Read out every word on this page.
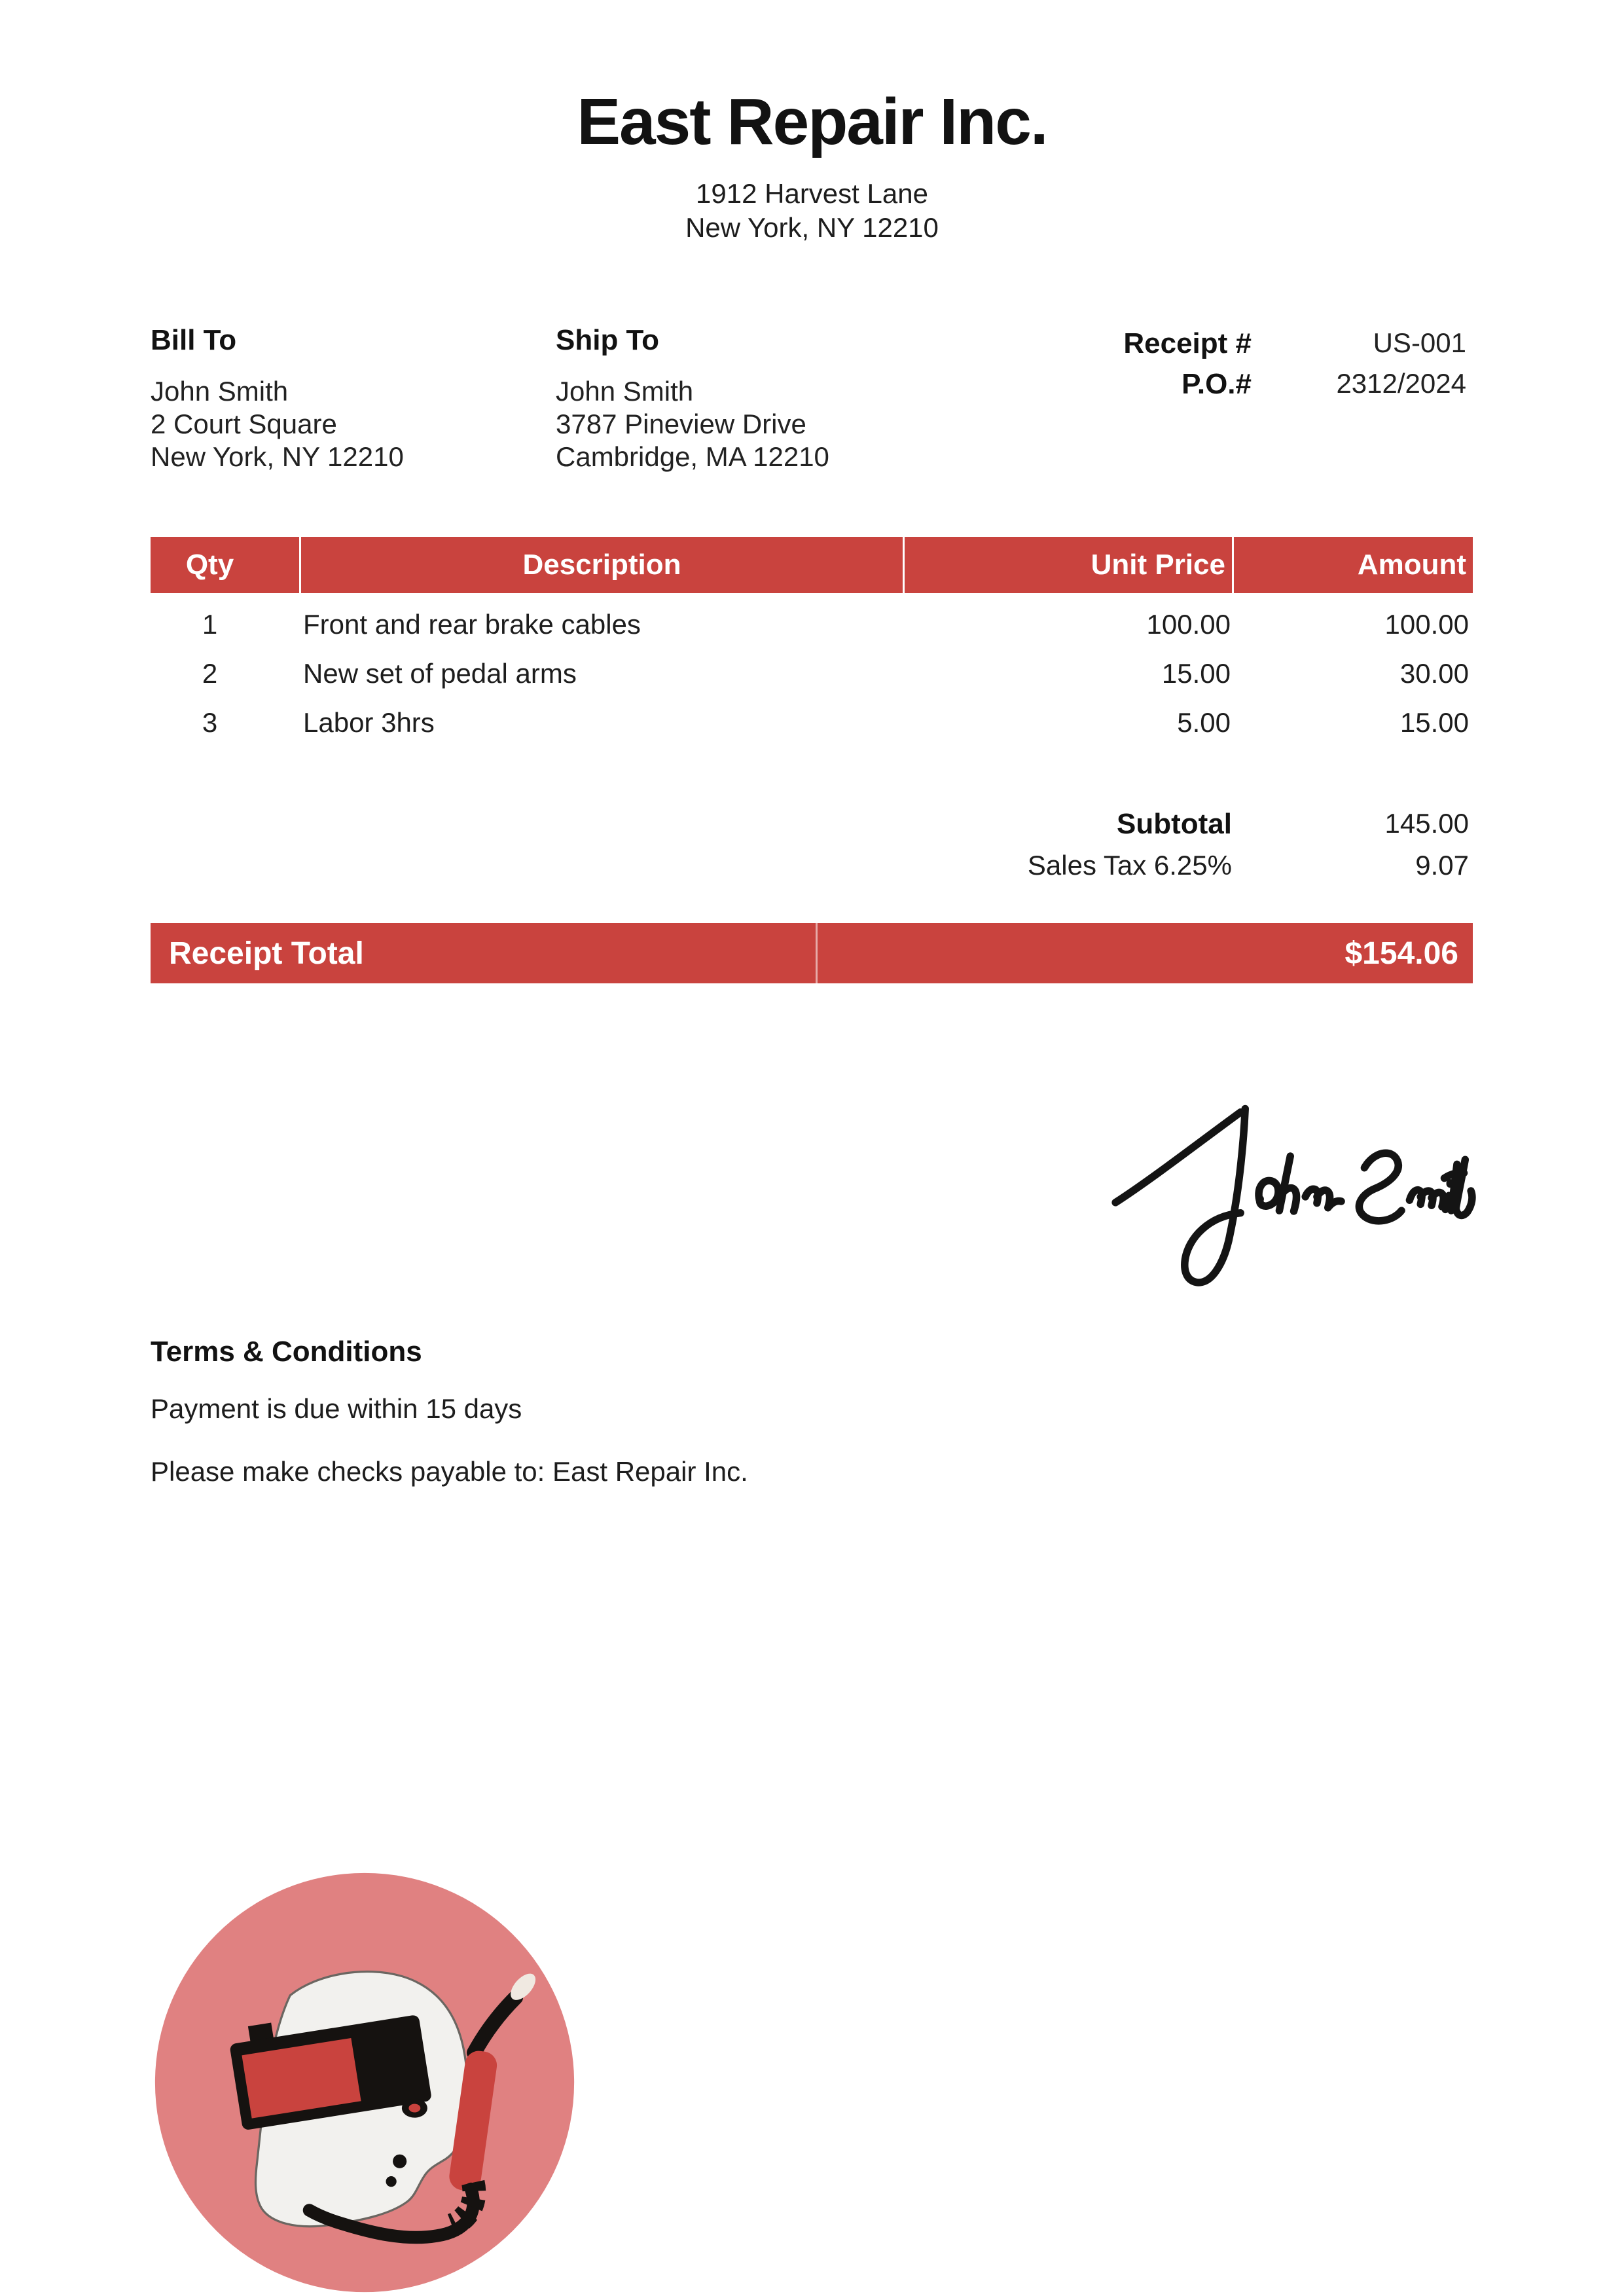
East Repair Inc.
1912 Harvest Lane
New York, NY 12210
Bill To
John Smith
2 Court Square
New York, NY 12210
Ship To
John Smith
3787 Pineview Drive
Cambridge, MA 12210
Receipt #	US-001
P.O.#	2312/2024
Qty	Description	Unit Price	Amount
1	Front and rear brake cables	100.00	100.00
2	New set of pedal arms	15.00	30.00
3	Labor 3hrs	5.00	15.00
Subtotal	145.00
Sales Tax 6.25%	9.07
Receipt Total	$154.06
Terms & Conditions
Payment is due within 15 days
Please make checks payable to: East Repair Inc.
